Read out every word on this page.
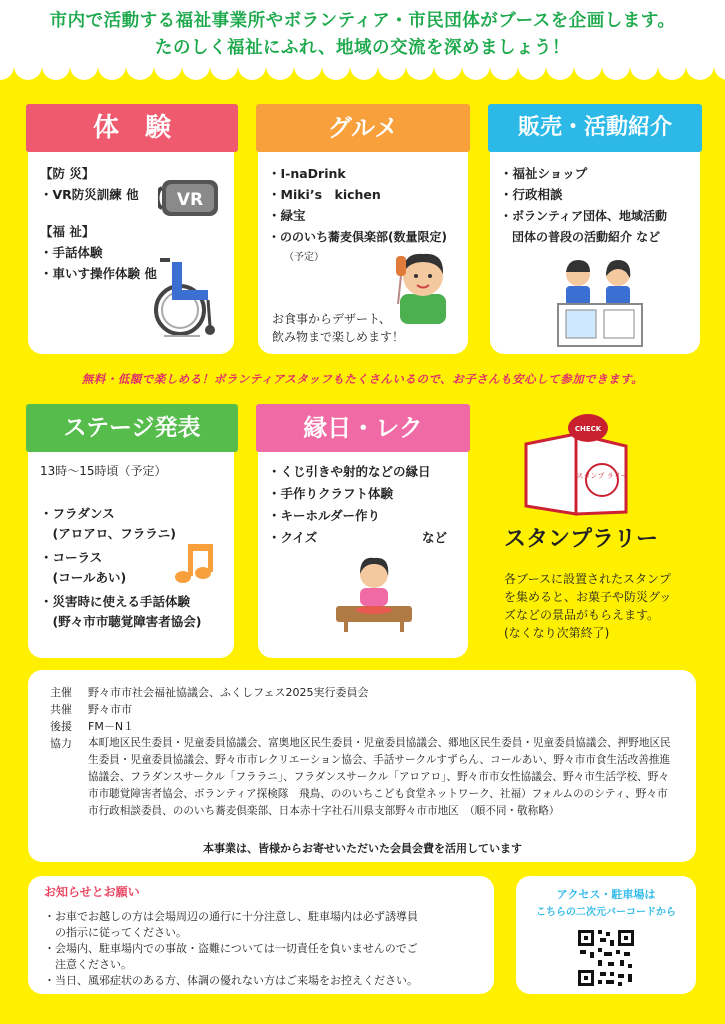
市内で活動する福祉事業所やボランティア・市民団体がブースを企画します。
たのしく福祉にふれ、地域の交流を深めましょう！
体　験
【防 災】
・VR防災訓練 他 VR
【福 祉】
・手話体験
・車いす操作体験 他
グルメ
・I-naDrink
・Miki’s　kichen
・緑宝
・ののいち蕎麦倶楽部(数量限定)
（予定）
お食事からデザート、
飲み物まで楽しめます！
販売・活動紹介
・福祉ショップ
・行政相談
・ボランティア団体、地域活動
　団体の普段の活動紹介 など
無料・低額で楽しめる！ボランティアスタッフもたくさんいるので、お子さんも安心して参加できます。
ステージ発表
13時～15時頃（予定）
・フラダンス
　(アロアロ、フララニ)
・コーラス
　(コールあい)
・災害時に使える手話体験
　(野々市市聴覚障害者協会)
縁日・レク
・くじ引きや射的などの縁日
・手作りクラフト体験
・キーホルダー作り
・クイズ	など
スタンプ ラリー
CHECK
スタンプラリー
各ブースに設置されたスタンプ
を集めると、お菓子や防災グッ
ズなどの景品がもらえます。
(なくなり次第終了)
主催 野々市市社会福祉協議会、ふくしフェス2025実行委員会
共催 野々市市
後援 FM－N１
協力 本町地区民生委員・児童委員協議会、富奥地区民生委員・児童委員協議会、郷地区民生委員・児童委員協議会、押野地区民生委員・児童委員協議会、野々市市レクリエーション協会、手話サークルすずらん、コールあい、野々市市食生活改善推進協議会、フラダンスサークル「フララニ」、フラダンスサークル「アロアロ」、野々市市女性協議会、野々市生活学校、野々市市聴覚障害者協会、ボランティア探検隊　飛鳥、ののいちこども食堂ネットワーク、社福）フォルムののシティ、野々市市行政相談委員、ののいち蕎麦倶楽部、日本赤十字社石川県支部野々市市地区　（順不同・敬称略）
本事業は、皆様からお寄せいただいた会員会費を活用しています
お知らせとお願い
・お車でお越しの方は会場周辺の通行に十分注意し、駐車場内は必ず誘導員
　の指示に従ってください。
・会場内、駐車場内での事故・盗難については一切責任を負いませんのでご
　注意ください。
・当日、風邪症状のある方、体調の優れない方はご来場をお控えください。
アクセス・駐車場は
こちらの二次元バーコードから
